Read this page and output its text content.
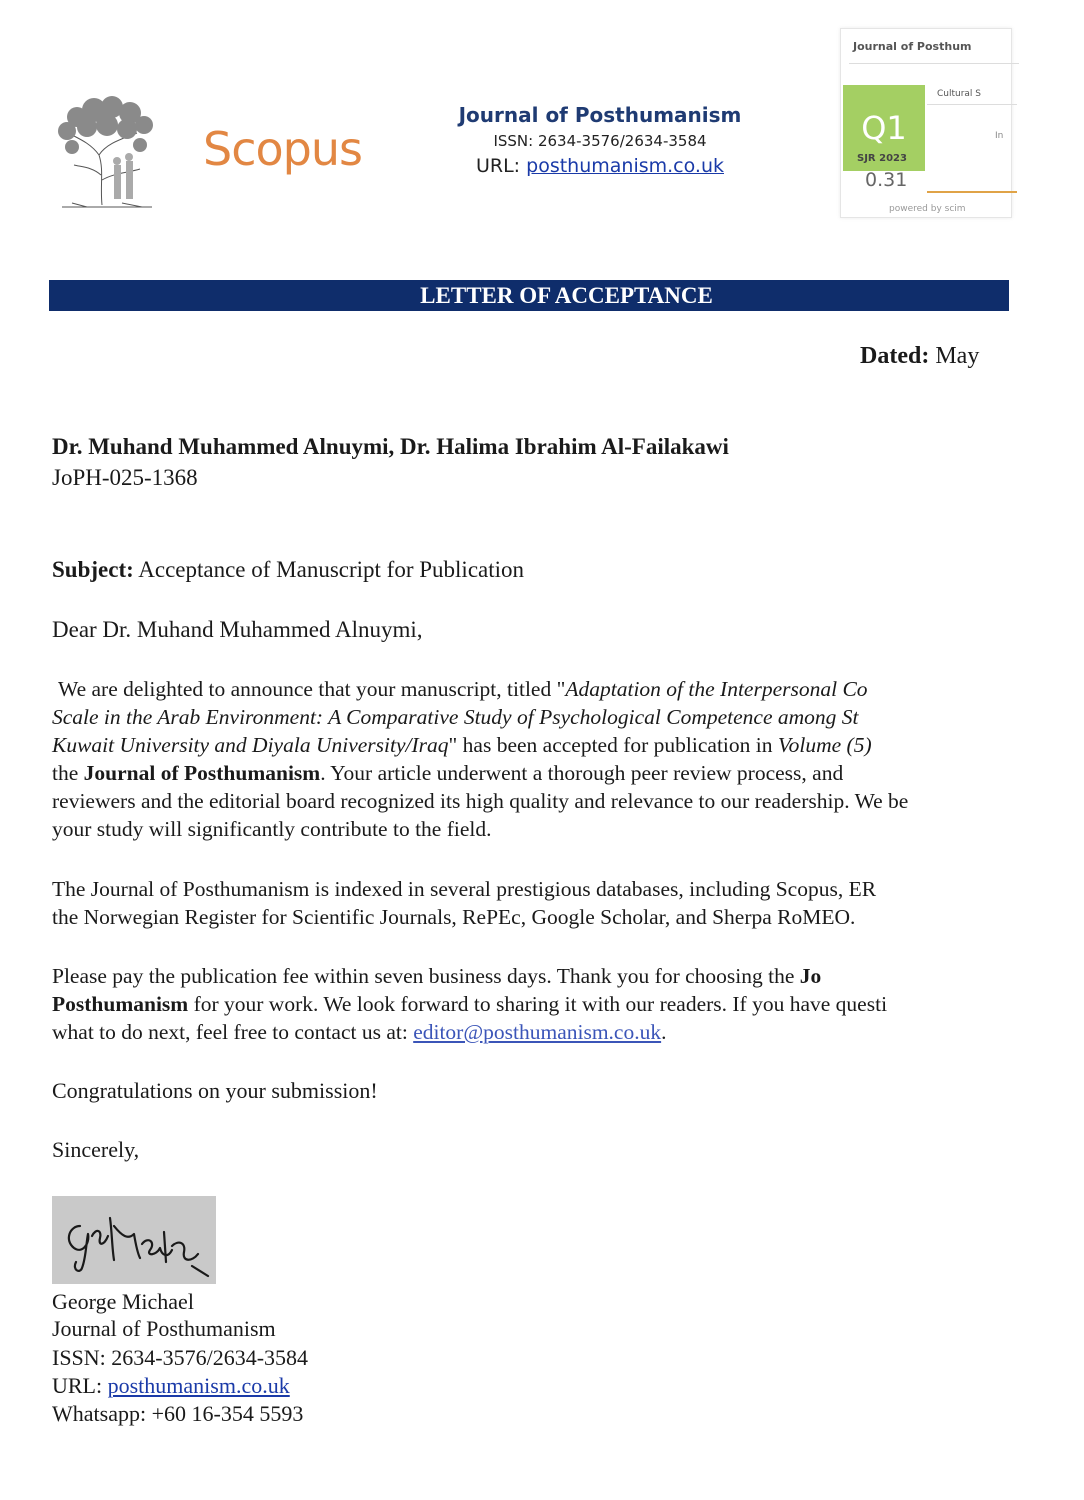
Scopus
Journal of Posthumanism
ISSN: 2634-3576/2634-3584
URL: posthumanism.co.uk
Journal of Posthum
Q1
Cultural S
In
SJR 2023
0.31
powered by scim
LETTER OF ACCEPTANCE
Dated: May
Dr. Muhand Muhammed Alnuymi, Dr. Halima Ibrahim Al-Failakawi
JoPH-025-1368
Subject: Acceptance of Manuscript for Publication
Dear Dr. Muhand Muhammed Alnuymi,
We are delighted to announce that your manuscript, titled "Adaptation of the Interpersonal Co
Scale in the Arab Environment: A Comparative Study of Psychological Competence among St
Kuwait University and Diyala University/Iraq" has been accepted for publication in Volume (5)
the Journal of Posthumanism. Your article underwent a thorough peer review process, and
reviewers and the editorial board recognized its high quality and relevance to our readership. We be
your study will significantly contribute to the field.
The Journal of Posthumanism is indexed in several prestigious databases, including Scopus, ER
the Norwegian Register for Scientific Journals, RePEc, Google Scholar, and Sherpa RoMEO.
Please pay the publication fee within seven business days. Thank you for choosing the Jo
Posthumanism for your work. We look forward to sharing it with our readers. If you have questi
what to do next, feel free to contact us at: editor@posthumanism.co.uk.
Congratulations on your submission!
Sincerely,
George Michael
Journal of Posthumanism
ISSN: 2634-3576/2634-3584
URL: posthumanism.co.uk
Whatsapp: +60 16-354 5593
